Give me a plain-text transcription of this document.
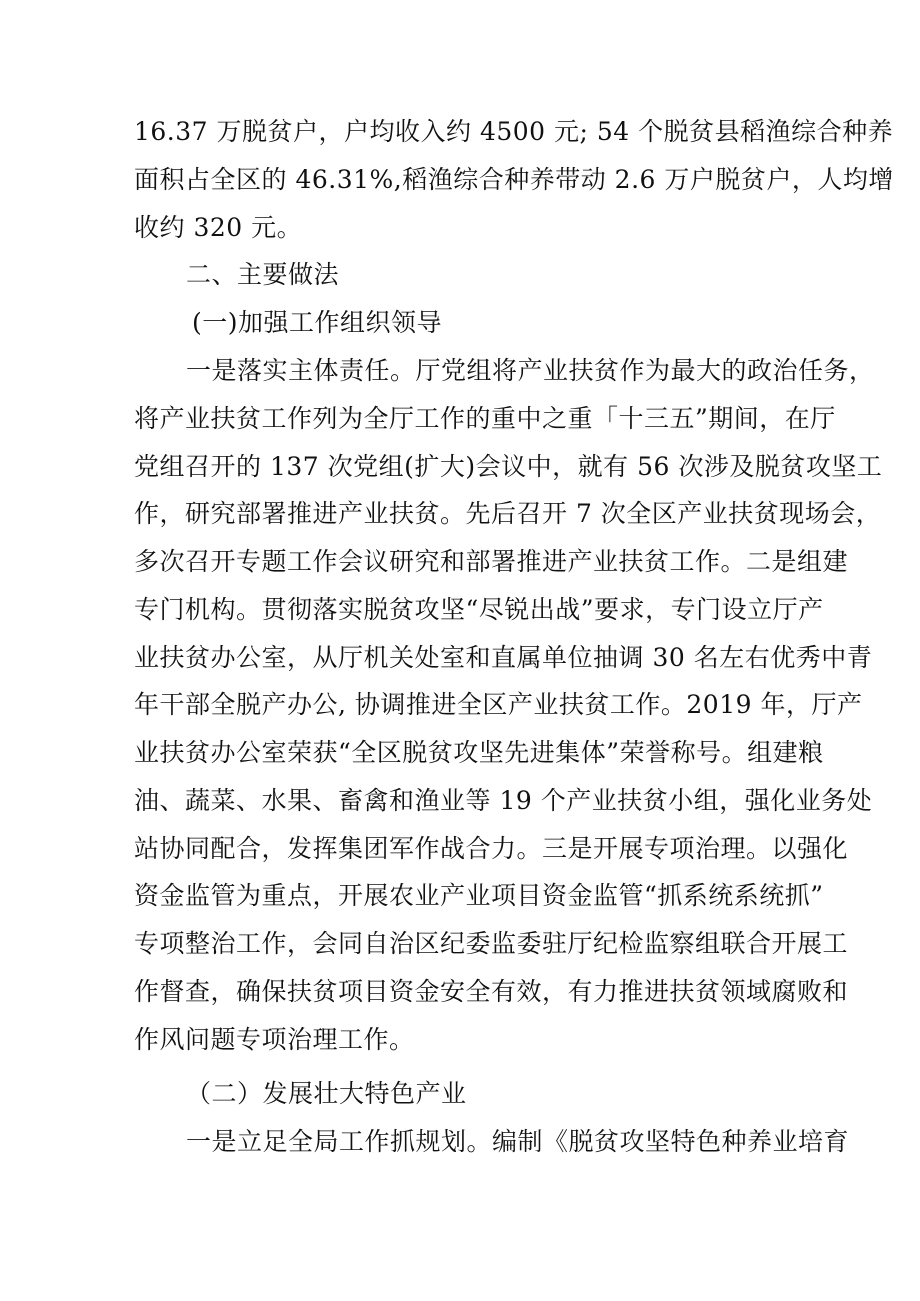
16.37 万脱贫户，户均收入约 4500 元; 54 个脱贫县稻渔综合种养
面积占全区的 46.31%,稻渔综合种养带动 2.6 万户脱贫户，人均增
收约 320 元。
二、主要做法
(一)加强工作组织领导
一是落实主体责任。厅党组将产业扶贫作为最大的政治任务，
将产业扶贫工作列为全厅工作的重中之重「十三五”期间，在厅
党组召开的 137 次党组(扩大)会议中，就有 56 次涉及脱贫攻坚工
作，研究部署推进产业扶贫。先后召开 7 次全区产业扶贫现场会，
多次召开专题工作会议研究和部署推进产业扶贫工作。二是组建
专门机构。贯彻落实脱贫攻坚“尽锐出战”要求，专门设立厅产
业扶贫办公室，从厅机关处室和直属单位抽调 30 名左右优秀中青
年干部全脱产办公, 协调推进全区产业扶贫工作。2019 年，厅产
业扶贫办公室荣获“全区脱贫攻坚先进集体”荣誉称号。组建粮
油、蔬菜、水果、畜禽和渔业等 19 个产业扶贫小组，强化业务处
站协同配合，发挥集团军作战合力。三是开展专项治理。以强化
资金监管为重点，开展农业产业项目资金监管“抓系统系统抓”
专项整治工作，会同自治区纪委监委驻厅纪检监察组联合开展工
作督查，确保扶贫项目资金安全有效，有力推进扶贫领域腐败和
作风问题专项治理工作。
（二）发展壮大特色产业
一是立足全局工作抓规划。编制《脱贫攻坚特色种养业培育
